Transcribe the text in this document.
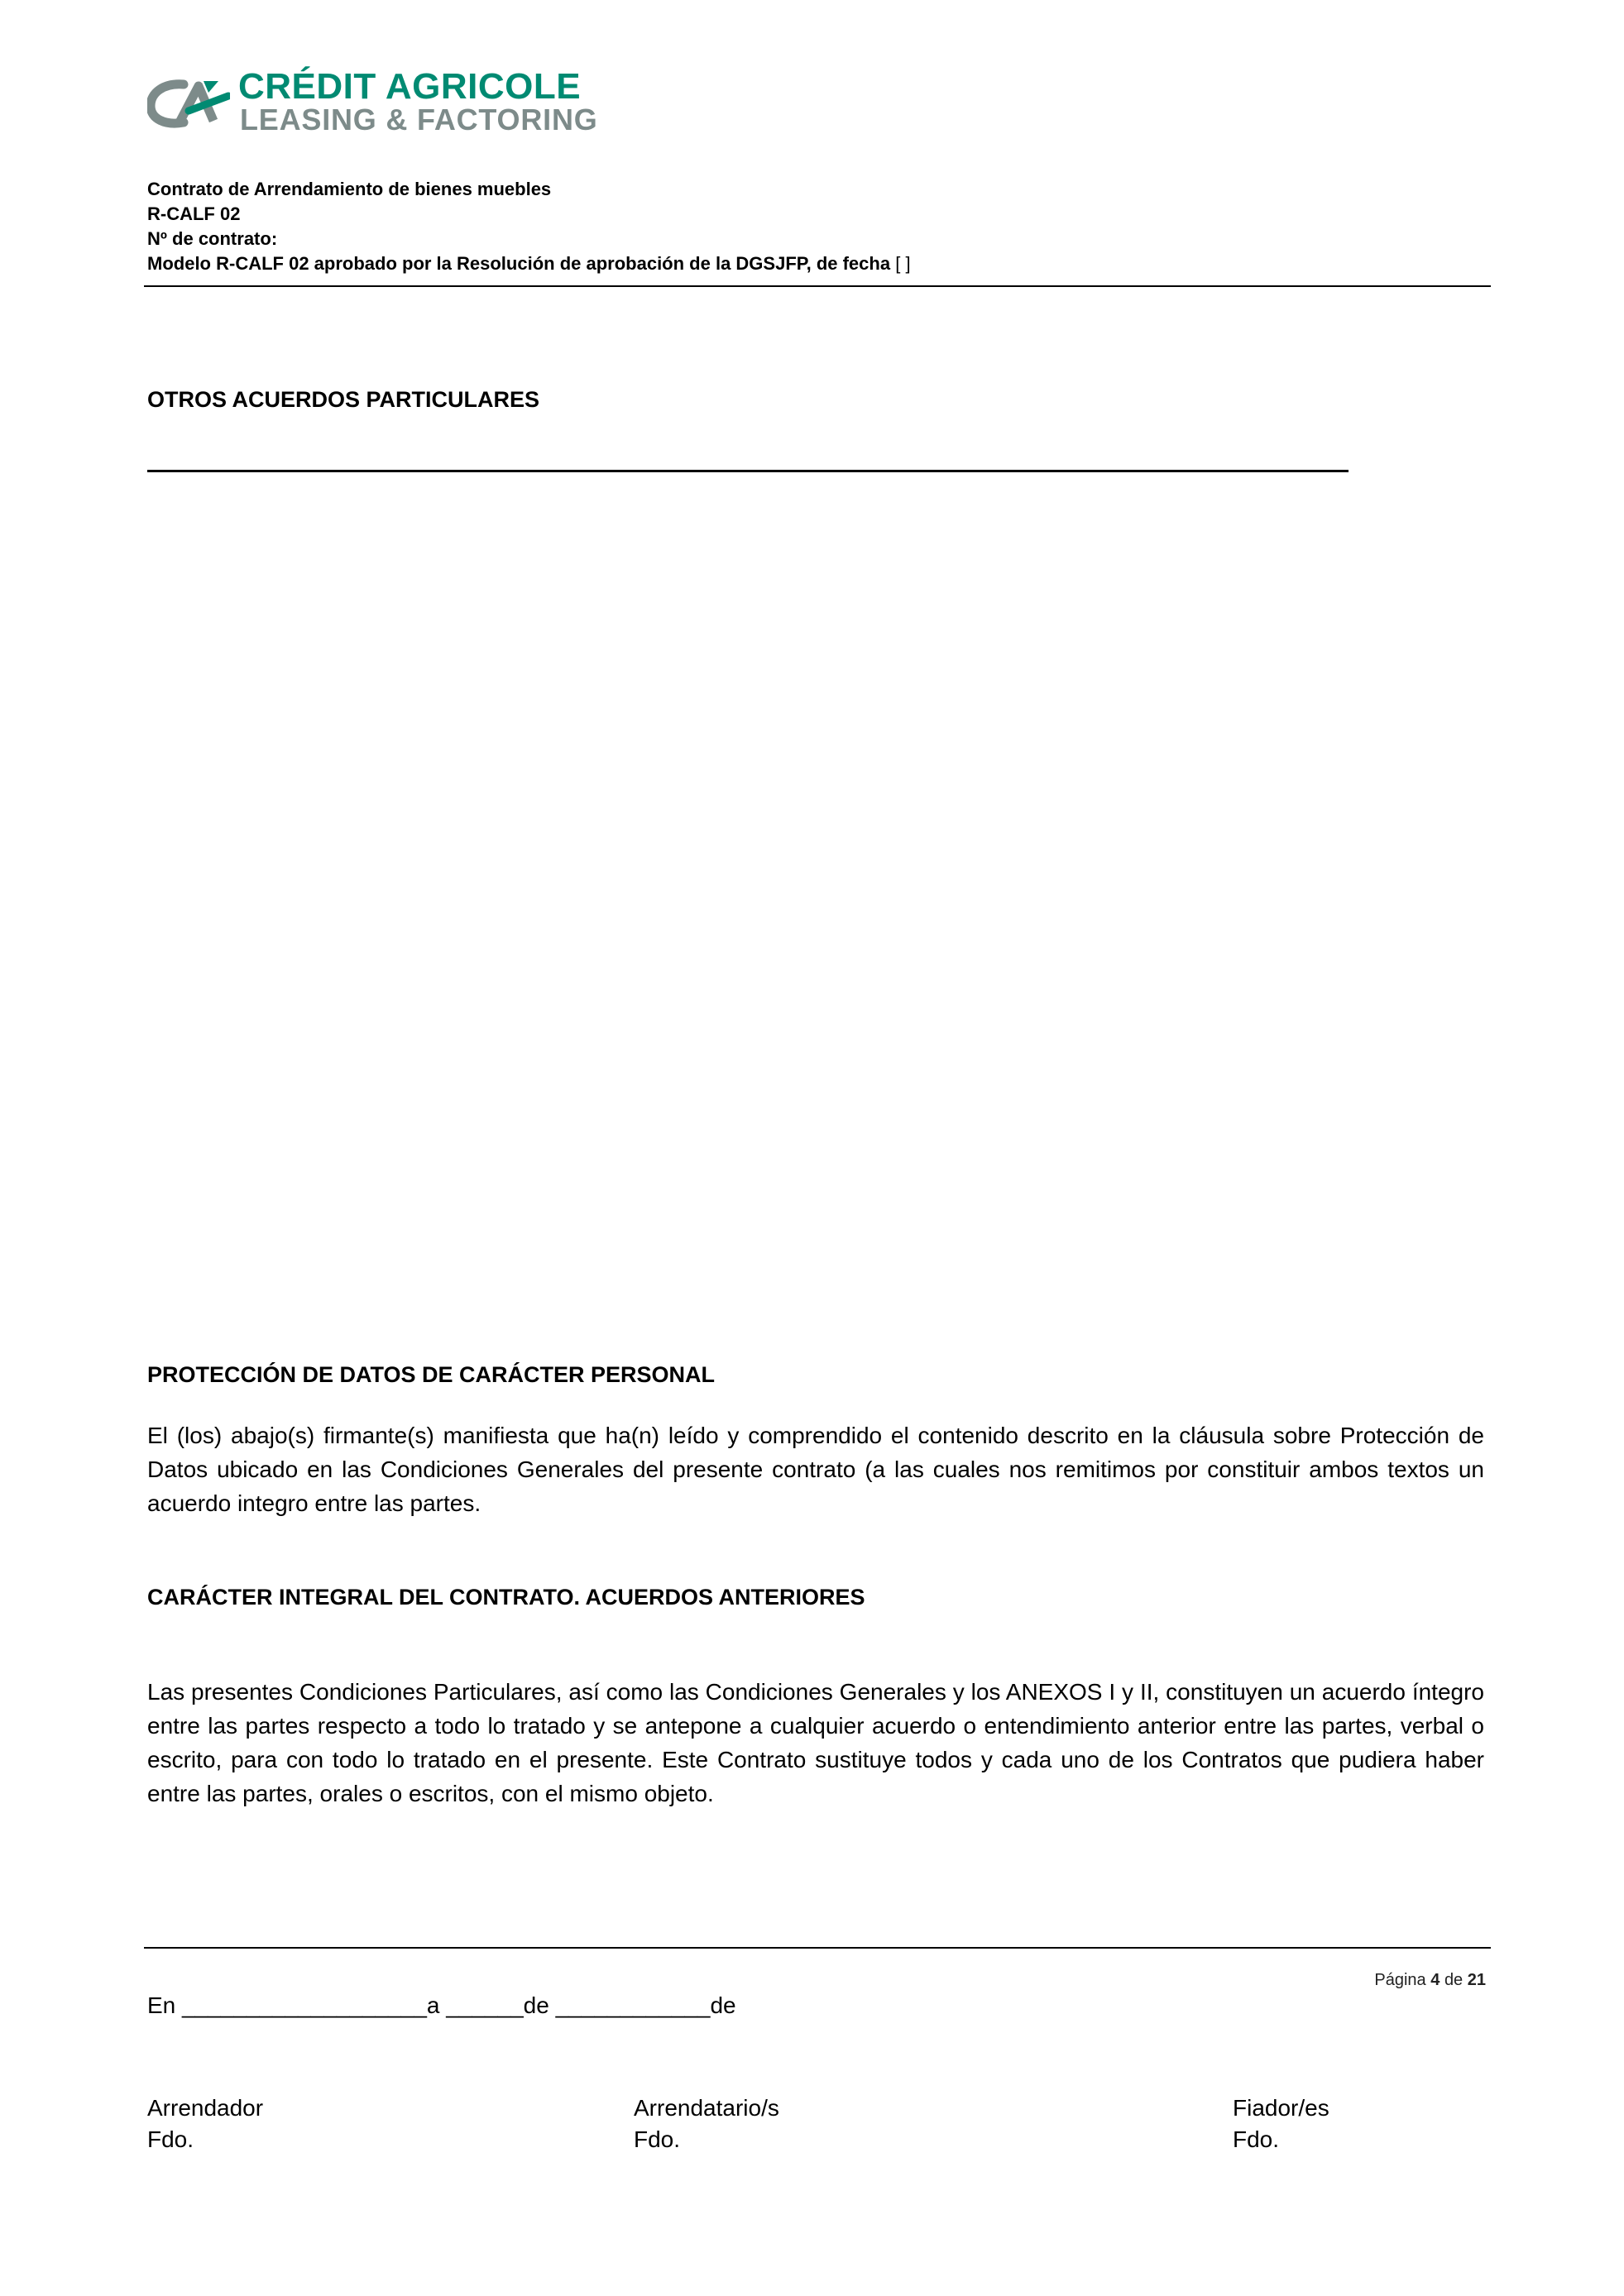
CRÉDIT AGRICOLE
LEASING & FACTORING
Contrato de Arrendamiento de bienes muebles
R-CALF 02
Nº de contrato:
Modelo R-CALF 02 aprobado por la Resolución de aprobación de la DGSJFP, de fecha [ ]
OTROS ACUERDOS PARTICULARES
PROTECCIÓN DE DATOS DE CARÁCTER PERSONAL
El (los) abajo(s) firmante(s) manifiesta que ha(n) leído y comprendido el contenido descrito en la cláusula sobre Protección de Datos ubicado en las Condiciones Generales del presente contrato (a las cuales nos remitimos por constituir ambos textos un acuerdo integro entre las partes.
CARÁCTER INTEGRAL DEL CONTRATO. ACUERDOS ANTERIORES
Las presentes Condiciones Particulares, así como las Condiciones Generales y los ANEXOS I y II, constituyen un acuerdo íntegro entre las partes respecto a todo lo tratado y se antepone a cualquier acuerdo o entendimiento anterior entre las partes, verbal o escrito, para con todo lo tratado en el presente. Este Contrato sustituye todos y cada uno de los Contratos que pudiera haber entre las partes, orales o escritos, con el mismo objeto.
Página 4 de 21
En ___________________a ______de ____________de
Arrendador
Fdo.
Arrendatario/s
Fdo.
Fiador/es
Fdo.
